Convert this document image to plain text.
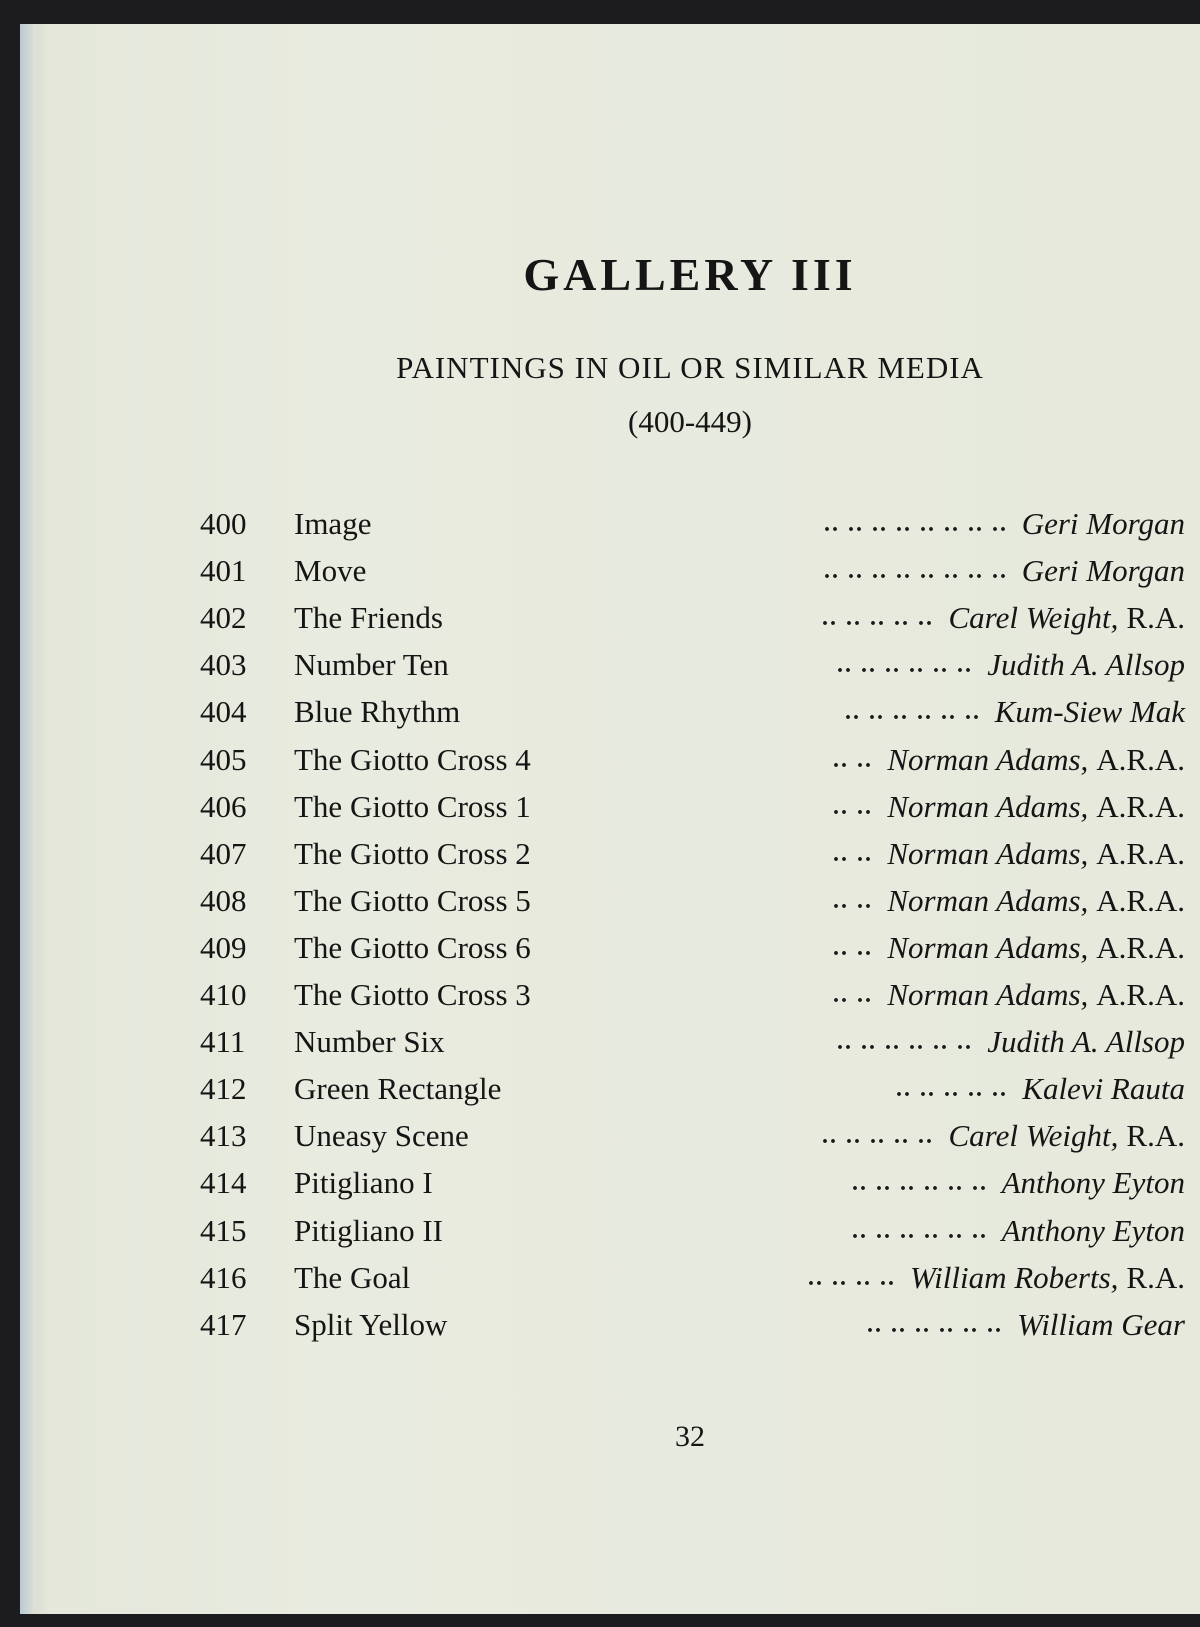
GALLERY III
PAINTINGS IN OIL OR SIMILAR MEDIA
(400-449)
400 Image	.. .. .. .. .. .. .. .. Geri Morgan
401 Move	.. .. .. .. .. .. .. .. Geri Morgan
402 The Friends	.. .. .. .. .. Carel Weight, R.A.
403 Number Ten	.. .. .. .. .. .. Judith A. Allsop
404 Blue Rhythm	.. .. .. .. .. .. Kum-Siew Mak
405 The Giotto Cross 4	.. .. Norman Adams, A.R.A.
406 The Giotto Cross 1	.. .. Norman Adams, A.R.A.
407 The Giotto Cross 2	.. .. Norman Adams, A.R.A.
408 The Giotto Cross 5	.. .. Norman Adams, A.R.A.
409 The Giotto Cross 6	.. .. Norman Adams, A.R.A.
410 The Giotto Cross 3	.. .. Norman Adams, A.R.A.
411 Number Six	.. .. .. .. .. .. Judith A. Allsop
412 Green Rectangle	.. .. .. .. .. Kalevi Rauta
413 Uneasy Scene	.. .. .. .. .. Carel Weight, R.A.
414 Pitigliano I	.. .. .. .. .. .. Anthony Eyton
415 Pitigliano II	.. .. .. .. .. .. Anthony Eyton
416 The Goal	.. .. .. .. William Roberts, R.A.
417 Split Yellow	.. .. .. .. .. .. William Gear
32
